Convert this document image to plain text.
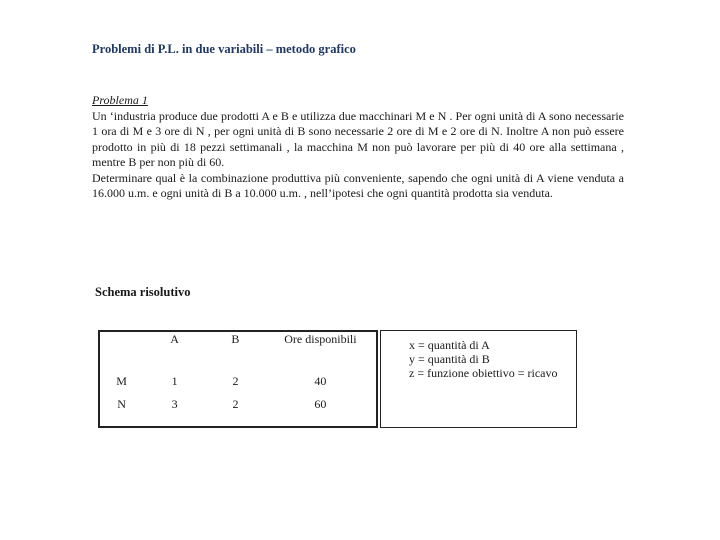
Problemi di P.L. in due variabili – metodo grafico
Problema 1
Un ‘industria produce due prodotti A e B e utilizza due macchinari M e N . Per ogni unità di A sono necessarie 1 ora di M e 3 ore di N , per ogni unità di B sono necessarie 2 ore di M e 2 ore di N. Inoltre A non può essere prodotto in più di 18 pezzi settimanali , la macchina M non può lavorare per più di 40 ore alla settimana , mentre B per non più di 60.
Determinare qual è la combinazione produttiva più conveniente, sapendo che ogni unità di A viene venduta a 16.000 u.m. e ogni unità di B a 10.000 u.m. , nell’ipotesi che ogni quantità prodotta sia venduta.
Schema risolutivo
	A	B	Ore disponibili
M	1	2	40
N	3	2	60
x = quantità di A
y = quantità di B
z = funzione obiettivo = ricavo
